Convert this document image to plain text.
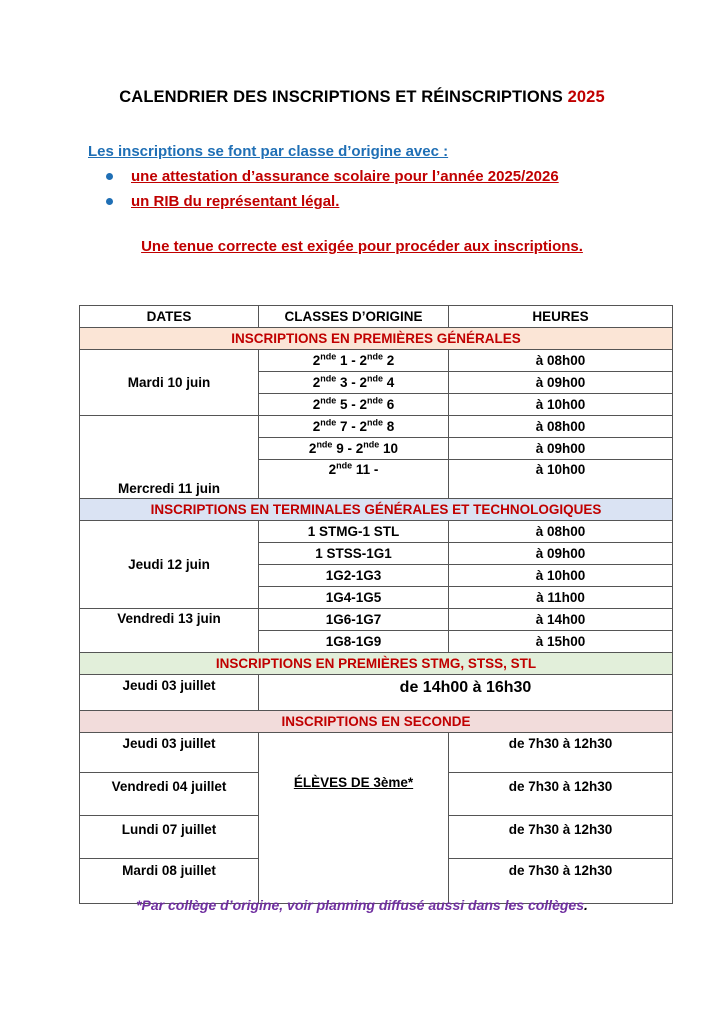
CALENDRIER DES INSCRIPTIONS ET RÉINSCRIPTIONS 2025
Les inscriptions se font par classe d’origine avec :
une attestation d’assurance scolaire pour l’année 2025/2026
un RIB du représentant légal.
Une tenue correcte est exigée pour procéder aux inscriptions.
DATES	CLASSES D’ORIGINE	HEURES
INSCRIPTIONS EN PREMIÈRES GÉNÉRALES		
Mardi 10 juin	2nde 1 - 2nde 2	à 08h00
	2nde 3 - 2nde 4	à 09h00
	2nde 5 - 2nde 6	à 10h00
Mercredi 11 juin	2nde 7 - 2nde 8	à 08h00
	2nde 9 - 2nde 10	à 09h00
	2nde 11 -	à 10h00
INSCRIPTIONS EN TERMINALES GÉNÉRALES ET TECHNOLOGIQUES		
Jeudi 12 juin	1 STMG-1 STL	à 08h00
	1 STSS-1G1	à 09h00
	1G2-1G3	à 10h00
	1G4-1G5	à 11h00
Vendredi 13 juin	1G6-1G7	à 14h00
	1G8-1G9	à 15h00
INSCRIPTIONS EN PREMIÈRES STMG, STSS, STL		
Jeudi 03 juillet	de 14h00 à 16h30	
INSCRIPTIONS EN SECONDE		
Jeudi 03 juillet	ÉLÈVES DE 3ème*	de 7h30 à 12h30
Vendredi 04 juillet		de 7h30 à 12h30
Lundi 07 juillet		de 7h30 à 12h30
Mardi 08 juillet		de 7h30 à 12h30
*Par collège d’origine, voir planning diffusé aussi dans les collèges.
